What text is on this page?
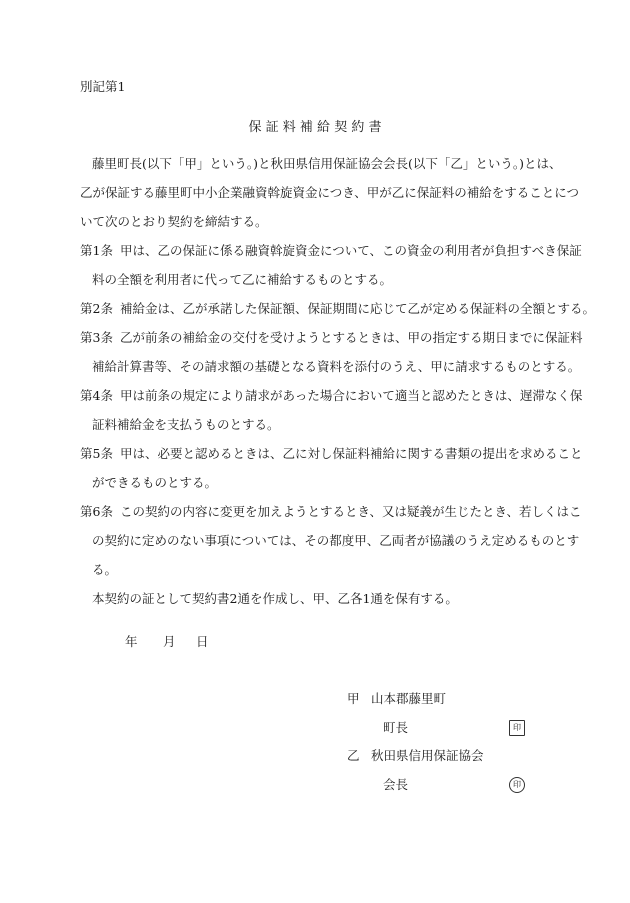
別記第1
保 証 料 補 給 契 約 書
藤里町長(以下「甲」という。)と秋田県信用保証協会会長(以下「乙」という。)とは、
乙が保証する藤里町中小企業融資斡旋資金につき、甲が乙に保証料の補給をすることにつ
いて次のとおり契約を締結する。
第1条 甲は、乙の保証に係る融資斡旋資金について、この資金の利用者が負担すべき保証
料の全額を利用者に代って乙に補給するものとする。
第2条 補給金は、乙が承諾した保証額、保証期間に応じて乙が定める保証料の全額とする。
第3条 乙が前条の補給金の交付を受けようとするときは、甲の指定する期日までに保証料
補給計算書等、その請求額の基礎となる資料を添付のうえ、甲に請求するものとする。
第4条 甲は前条の規定により請求があった場合において適当と認めたときは、遅滞なく保
証料補給金を支払うものとする。
第5条 甲は、必要と認めるときは、乙に対し保証料補給に関する書類の提出を求めること
ができるものとする。
第6条 この契約の内容に変更を加えようとするとき、又は疑義が生じたとき、若しくはこ
の契約に定めのない事項については、その都度甲、乙両者が協議のうえ定めるものとす
る。
本契約の証として契約書2通を作成し、甲、乙各1通を保有する。
年 月 日
甲 山本郡藤里町
町長	印
乙 秋田県信用保証協会
会長	印
